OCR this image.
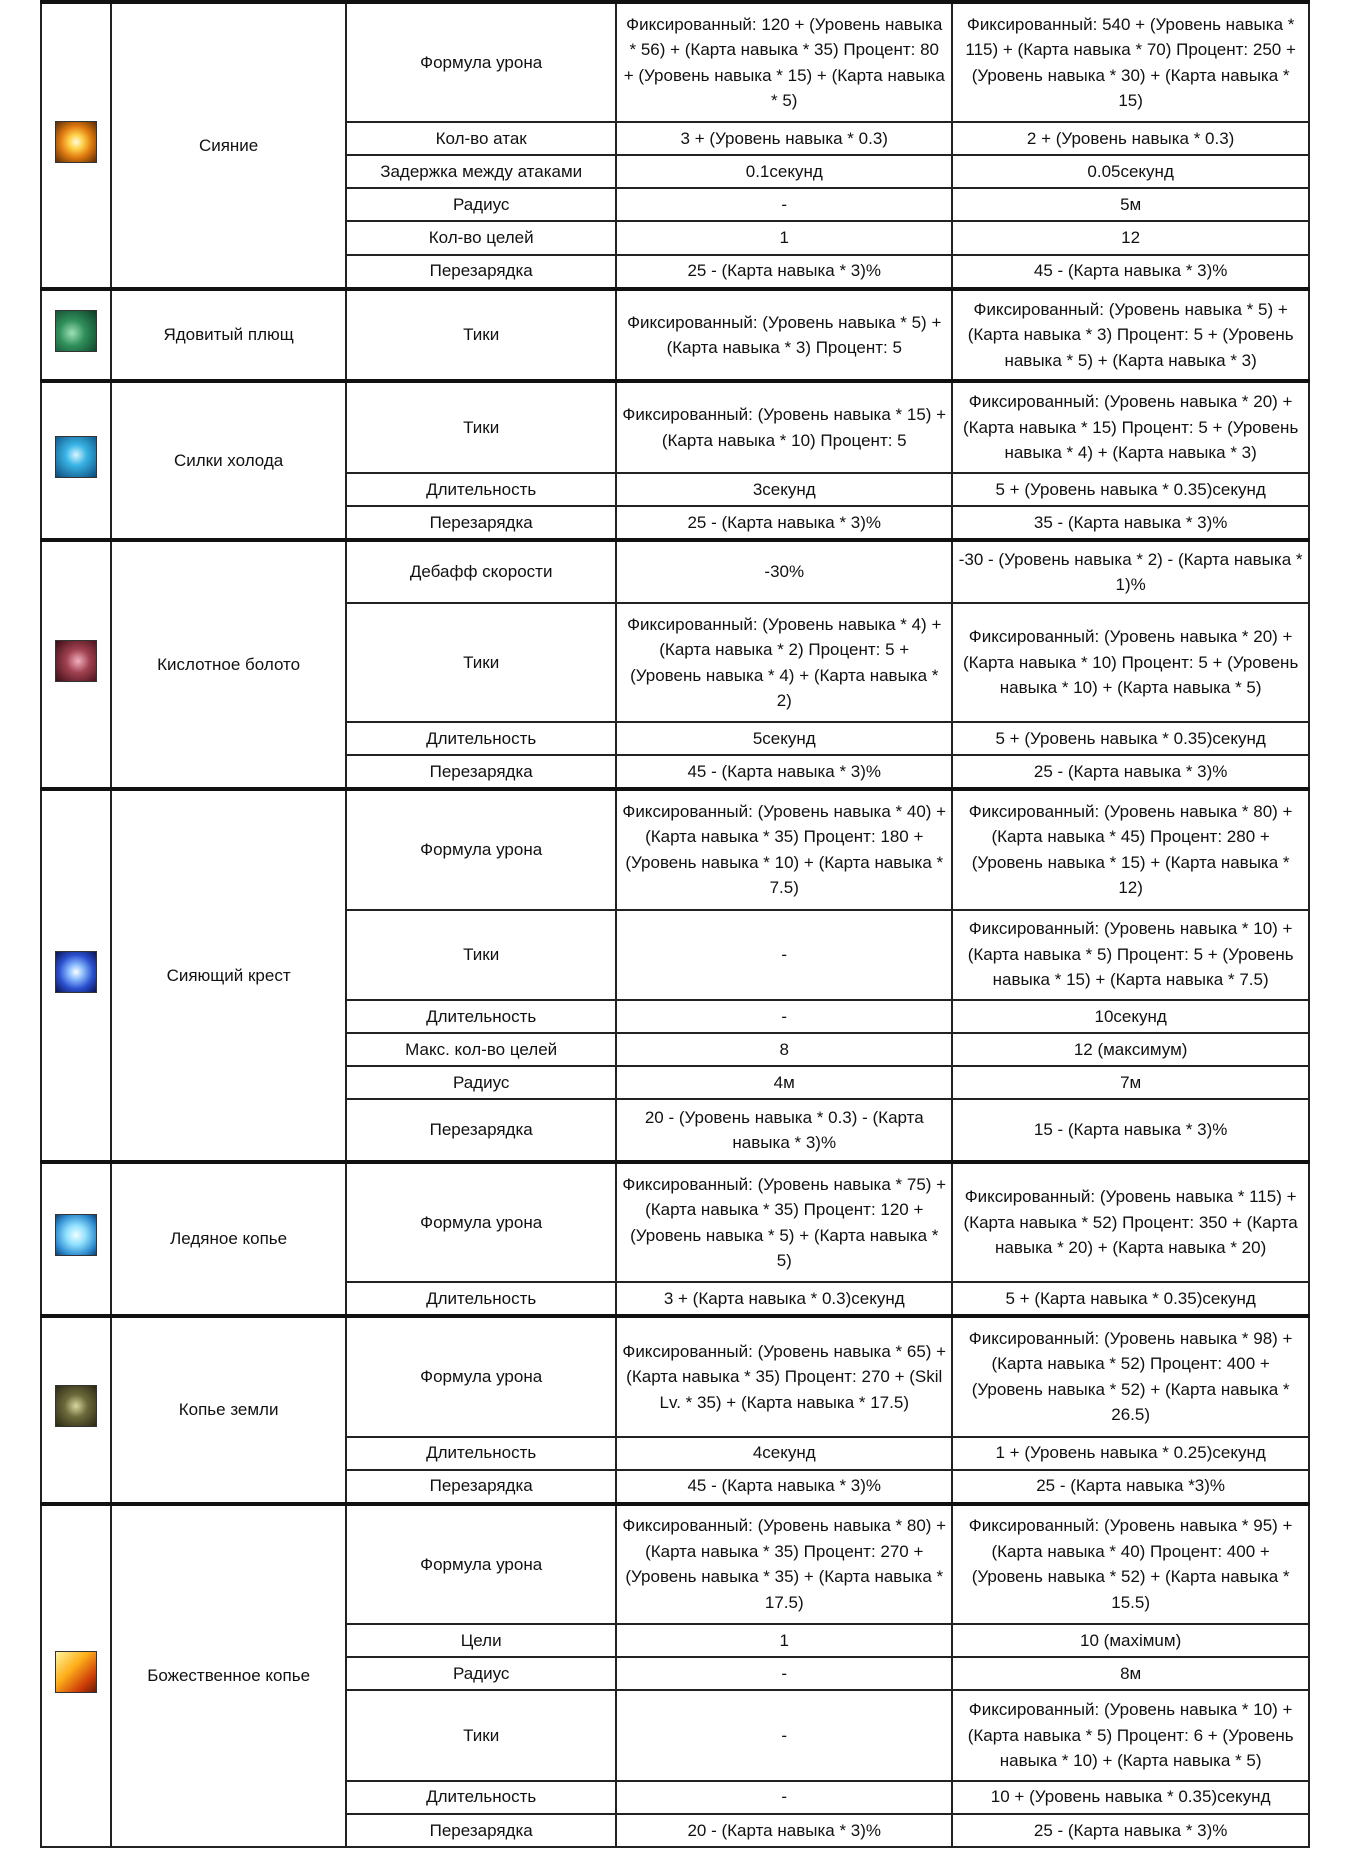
	Сияние	Формула урона	Фиксированный: 120 + (Уровень навыка * 56) + (Карта навыка * 35) Процент: 80 + (Уровень навыка * 15) + (Карта навыка * 5)	Фиксированный: 540 + (Уровень навыка * 115) + (Карта навыка * 70) Процент: 250 + (Уровень навыка * 30) + (Карта навыка * 15)
		Кол-во атак	3 + (Уровень навыка * 0.3)	2 + (Уровень навыка * 0.3)
		Задержка между атаками	0.1секунд	0.05секунд
		Радиус	-	5м
		Кол-во целей	1	12
		Перезарядка	25 - (Карта навыка * 3)%	45 - (Карта навыка * 3)%
	Ядовитый плющ	Тики	Фиксированный: (Уровень навыка * 5) + (Карта навыка * 3) Процент: 5	Фиксированный: (Уровень навыка * 5) + (Карта навыка * 3) Процент: 5 + (Уровень навыка * 5) + (Карта навыка * 3)
	Силки холода	Тики	Фиксированный: (Уровень навыка * 15) + (Карта навыка * 10) Процент: 5	Фиксированный: (Уровень навыка * 20) + (Карта навыка * 15) Процент: 5 + (Уровень навыка * 4) + (Карта навыка * 3)
		Длительность	3секунд	5 + (Уровень навыка * 0.35)секунд
		Перезарядка	25 - (Карта навыка * 3)%	35 - (Карта навыка * 3)%
	Кислотное болото	Дебафф скорости	-30%	-30 - (Уровень навыка * 2) - (Карта навыка * 1)%
		Тики	Фиксированный: (Уровень навыка * 4) + (Карта навыка * 2) Процент: 5 + (Уровень навыка * 4) + (Карта навыка * 2)	Фиксированный: (Уровень навыка * 20) + (Карта навыка * 10) Процент: 5 + (Уровень навыка * 10) + (Карта навыка * 5)
		Длительность	5секунд	5 + (Уровень навыка * 0.35)секунд
		Перезарядка	45 - (Карта навыка * 3)%	25 - (Карта навыка * 3)%
	Сияющий крест	Формула урона	Фиксированный: (Уровень навыка * 40) + (Карта навыка * 35) Процент: 180 + (Уровень навыка * 10) + (Карта навыка * 7.5)	Фиксированный: (Уровень навыка * 80) + (Карта навыка * 45) Процент: 280 + (Уровень навыка * 15) + (Карта навыка * 12)
		Тики	-	Фиксированный: (Уровень навыка * 10) + (Карта навыка * 5) Процент: 5 + (Уровень навыка * 15) + (Карта навыка * 7.5)
		Длительность	-	10секунд
		Макс. кол-во целей	8	12 (максимум)
		Радиус	4м	7м
		Перезарядка	20 - (Уровень навыка * 0.3) - (Карта навыка * 3)%	15 - (Карта навыка * 3)%
	Ледяное копье	Формула урона	Фиксированный: (Уровень навыка * 75) + (Карта навыка * 35) Процент: 120 + (Уровень навыка * 5) + (Карта навыка * 5)	Фиксированный: (Уровень навыка * 115) + (Карта навыка * 52) Процент: 350 + (Карта навыка * 20) + (Карта навыка * 20)
		Длительность	3 + (Карта навыка * 0.3)секунд	5 + (Карта навыка * 0.35)секунд
	Копье земли	Формула урона	Фиксированный: (Уровень навыка * 65) + (Карта навыка * 35) Процент: 270 + (Skil Lv. * 35) + (Карта навыка * 17.5)	Фиксированный: (Уровень навыка * 98) + (Карта навыка * 52) Процент: 400 + (Уровень навыка * 52) + (Карта навыка * 26.5)
		Длительность	4секунд	1 + (Уровень навыка * 0.25)секунд
		Перезарядка	45 - (Карта навыка * 3)%	25 - (Карта навыка *3)%
	Божественное копье	Формула урона	Фиксированный: (Уровень навыка * 80) + (Карта навыка * 35) Процент: 270 + (Уровень навыка * 35) + (Карта навыка * 17.5)	Фиксированный: (Уровень навыка * 95) + (Карта навыка * 40) Процент: 400 + (Уровень навыка * 52) + (Карта навыка * 15.5)
		Цели	1	10 (махімuм)
		Радиус	-	8м
		Тики	-	Фиксированный: (Уровень навыка * 10) + (Карта навыка * 5) Процент: 6 + (Уровень навыка * 10) + (Карта навыка * 5)
		Длительность	-	10 + (Уровень навыка * 0.35)секунд
		Перезарядка	20 - (Карта навыка * 3)%	25 - (Карта навыка * 3)%
